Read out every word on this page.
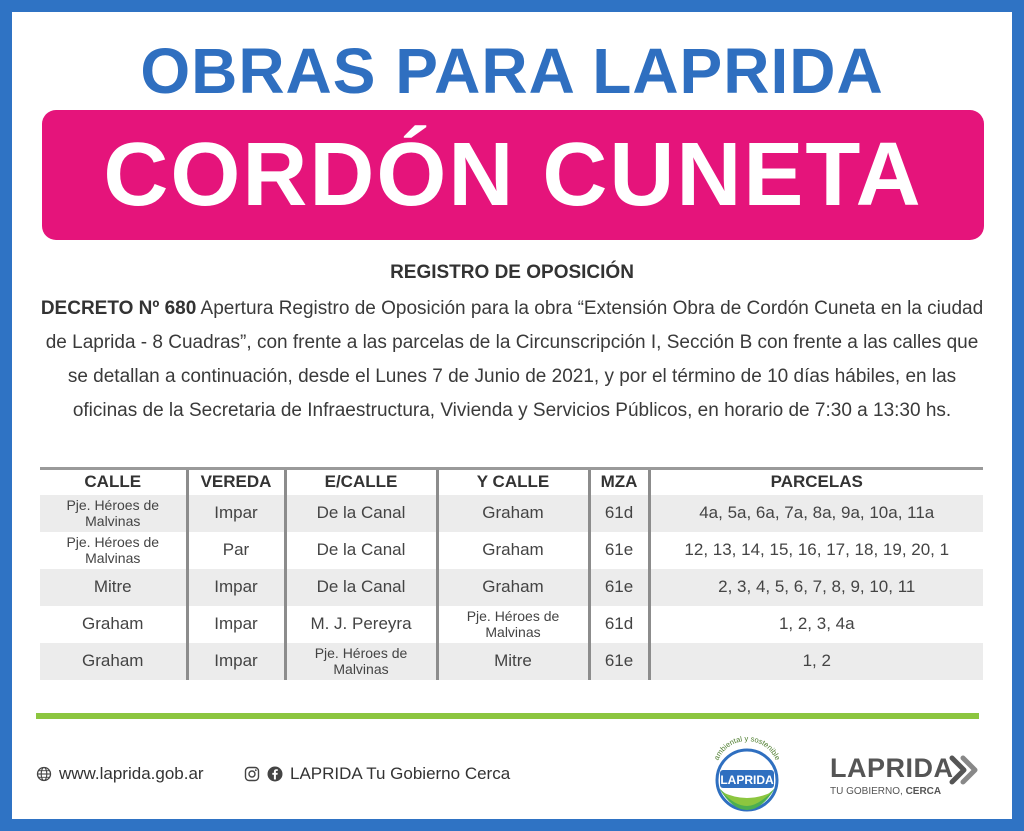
OBRAS PARA LAPRIDA
CORDÓN CUNETA
REGISTRO DE OPOSICIÓN
DECRETO Nº 680 Apertura Registro de Oposición para la obra “Extensión Obra de Cordón Cuneta en la ciudad de Laprida - 8 Cuadras”, con frente a las parcelas de la Circunscripción I, Sección B con frente a las calles que se detallan a continuación, desde el Lunes 7 de Junio de 2021, y por el término de 10 días hábiles, en las oficinas de la Secretaria de Infraestructura, Vivienda y Servicios Públicos, en horario de 7:30 a 13:30 hs.
CALLE	VEREDA	E/CALLE	Y CALLE	MZA	PARCELAS
Pje. Héroes de Malvinas	Impar	De la Canal	Graham	61d	4a, 5a, 6a, 7a, 8a, 9a, 10a, 11a
Pje. Héroes de Malvinas	Par	De la Canal	Graham	61e	12, 13, 14, 15, 16, 17, 18, 19, 20, 1
Mitre	Impar	De la Canal	Graham	61e	2, 3, 4, 5, 6, 7, 8, 9, 10, 11
Graham	Impar	M. J. Pereyra	Pje. Héroes de Malvinas	61d	1, 2, 3, 4a
Graham	Impar	Pje. Héroes de Malvinas	Mitre	61e	1, 2
www.laprida.gob.ar	LAPRIDA Tu Gobierno Cerca	LAPRIDA
ambiental y sostenible LAPRIDA
TU GOBIERNO, CERCA
